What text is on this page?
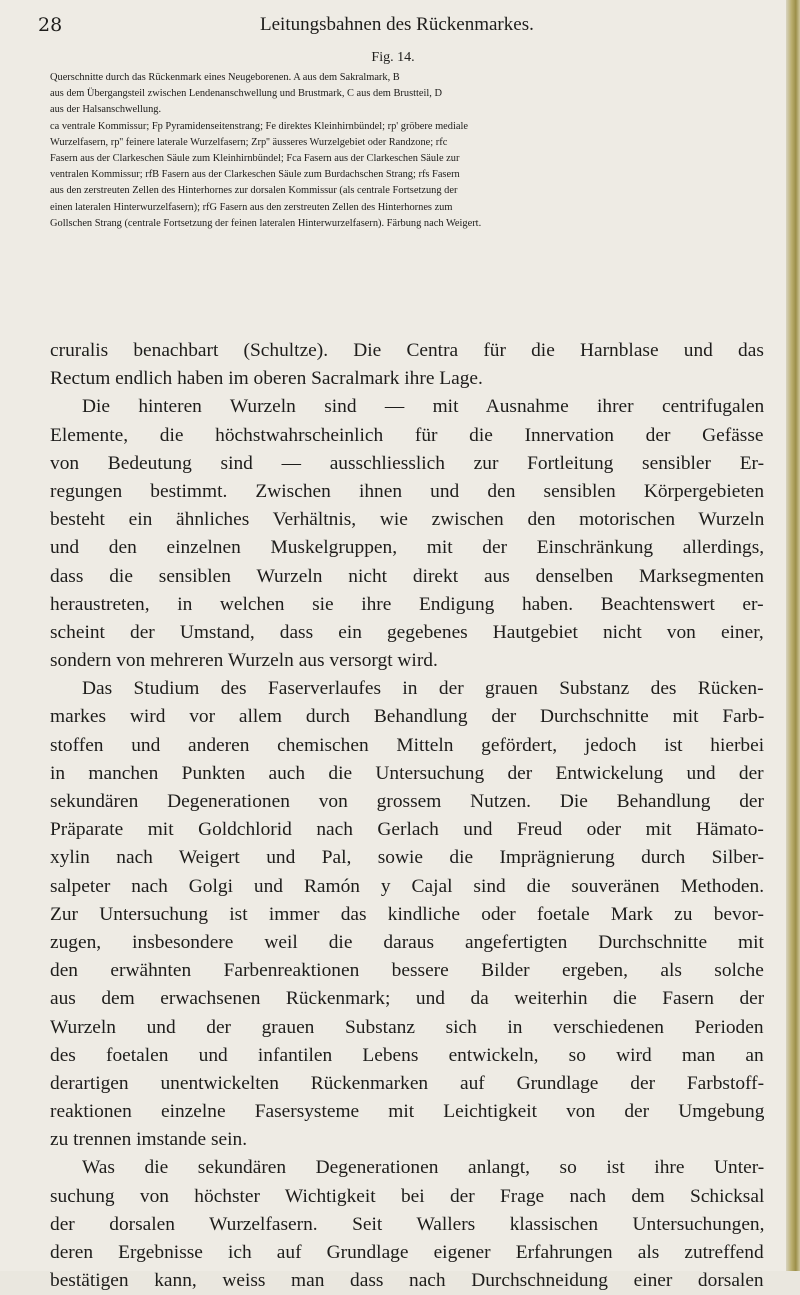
28	Leitungsbahnen des Rückenmarkes.
Fig. 14.
Querschnitte durch das Rückenmark eines Neugeborenen. A aus dem Sakralmark, B
aus dem Übergangsteil zwischen Lendenanschwellung und Brustmark, C aus dem Brustteil, D
aus der Halsanschwellung.
ca ventrale Kommissur; Fp Pyramidenseitenstrang; Fe direktes Kleinhirnbündel; rp' gröbere mediale
Wurzelfasern, rp'' feinere laterale Wurzelfasern; Zrp'' äusseres Wurzelgebiet oder Randzone; rfc
Fasern aus der Clarkeschen Säule zum Kleinhirnbündel; Fca Fasern aus der Clarkeschen Säule zur
ventralen Kommissur; rfB Fasern aus der Clarkeschen Säule zum Burdachschen Strang; rfs Fasern
aus den zerstreuten Zellen des Hinterhornes zur dorsalen Kommissur (als centrale Fortsetzung der
einen lateralen Hinterwurzelfasern); rfG Fasern aus den zerstreuten Zellen des Hinterhornes zum
Gollschen Strang (centrale Fortsetzung der feinen lateralen Hinterwurzelfasern). Färbung nach Weigert.
cruralis benachbart (Schultze). Die Centra für die Harnblase und das
Rectum endlich haben im oberen Sacralmark ihre Lage.
Die hinteren Wurzeln sind — mit Ausnahme ihrer centrifugalen
Elemente, die höchstwahrscheinlich für die Innervation der Gefässe
von Bedeutung sind — ausschliesslich zur Fortleitung sensibler Er-
regungen bestimmt. Zwischen ihnen und den sensiblen Körpergebieten
besteht ein ähnliches Verhältnis, wie zwischen den motorischen Wurzeln
und den einzelnen Muskelgruppen, mit der Einschränkung allerdings,
dass die sensiblen Wurzeln nicht direkt aus denselben Marksegmenten
heraustreten, in welchen sie ihre Endigung haben. Beachtenswert er-
scheint der Umstand, dass ein gegebenes Hautgebiet nicht von einer,
sondern von mehreren Wurzeln aus versorgt wird.
Das Studium des Faserverlaufes in der grauen Substanz des Rücken-
markes wird vor allem durch Behandlung der Durchschnitte mit Farb-
stoffen und anderen chemischen Mitteln gefördert, jedoch ist hierbei
in manchen Punkten auch die Untersuchung der Entwickelung und der
sekundären Degenerationen von grossem Nutzen. Die Behandlung der
Präparate mit Goldchlorid nach Gerlach und Freud oder mit Hämato-
xylin nach Weigert und Pal, sowie die Imprägnierung durch Silber-
salpeter nach Golgi und Ramón y Cajal sind die souveränen Methoden.
Zur Untersuchung ist immer das kindliche oder foetale Mark zu bevor-
zugen, insbesondere weil die daraus angefertigten Durchschnitte mit
den erwähnten Farbenreaktionen bessere Bilder ergeben, als solche
aus dem erwachsenen Rückenmark; und da weiterhin die Fasern der
Wurzeln und der grauen Substanz sich in verschiedenen Perioden
des foetalen und infantilen Lebens entwickeln, so wird man an
derartigen unentwickelten Rückenmarken auf Grundlage der Farbstoff-
reaktionen einzelne Fasersysteme mit Leichtigkeit von der Umgebung
zu trennen imstande sein.
Was die sekundären Degenerationen anlangt, so ist ihre Unter-
suchung von höchster Wichtigkeit bei der Frage nach dem Schicksal
der dorsalen Wurzelfasern. Seit Wallers klassischen Untersuchungen,
deren Ergebnisse ich auf Grundlage eigener Erfahrungen als zutreffend
bestätigen kann, weiss man dass nach Durchschneidung einer dorsalen
